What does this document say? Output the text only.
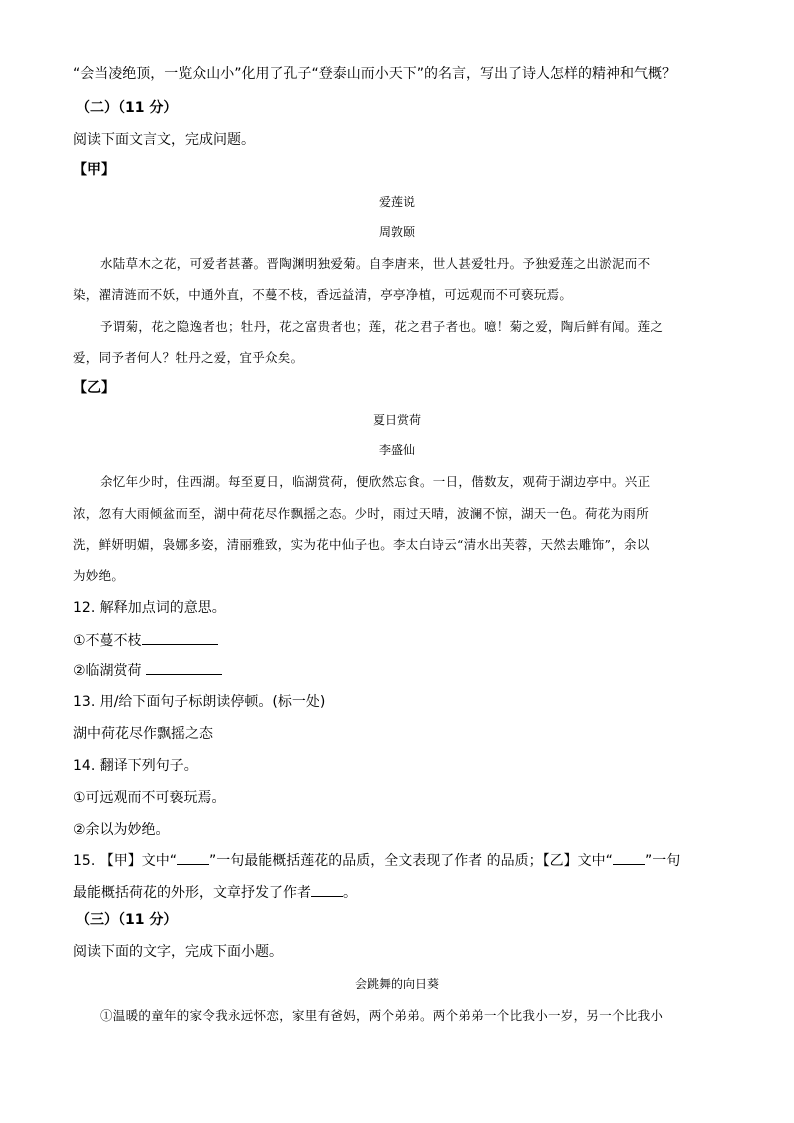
“会当凌绝顶，一览众山小”化用了孔子“登泰山而小天下”的名言，写出了诗人怎样的精神和气概？
（二）（11 分）
阅读下面文言文，完成问题。
【甲】
爱莲说
周敦颐
水陆草木之花，可爱者甚蕃。晋陶渊明独爱菊。自李唐来，世人甚爱牡丹。予独爱莲之出淤泥而不
染，濯清涟而不妖，中通外直，不蔓不枝，香远益清，亭亭净植，可远观而不可亵玩焉。
予谓菊，花之隐逸者也；牡丹，花之富贵者也；莲，花之君子者也。噫！菊之爱，陶后鲜有闻。莲之
爱，同予者何人？牡丹之爱，宜乎众矣。
【乙】
夏日赏荷
李盛仙
余忆年少时，住西湖。每至夏日，临湖赏荷，便欣然忘食。一日，偕数友，观荷于湖边亭中。兴正
浓，忽有大雨倾盆而至，湖中荷花尽作飘摇之态。少时，雨过天晴，波澜不惊，湖天一色。荷花为雨所
洗，鲜妍明媚，袅娜多姿，清丽雅致，实为花中仙子也。李太白诗云“清水出芙蓉，天然去雕饰”，余以
为妙绝。
12. 解释加点词的意思。
①不蔓不枝
②临湖赏荷
13. 用/给下面句子标朗读停顿。(标一处)
湖中荷花尽作飘摇之态
14. 翻译下列句子。
①可远观而不可亵玩焉。
②余以为妙绝。
15. 【甲】文中“ ”一句最能概括莲花的品质，全文表现了作者 的品质；【乙】文中“ ”一句
最能概括荷花的外形，文章抒发了作者 。
（三）（11 分）
阅读下面的文字，完成下面小题。
会跳舞的向日葵
①温暖的童年的家令我永远怀恋，家里有爸妈，两个弟弟。两个弟弟一个比我小一岁，另一个比我小
